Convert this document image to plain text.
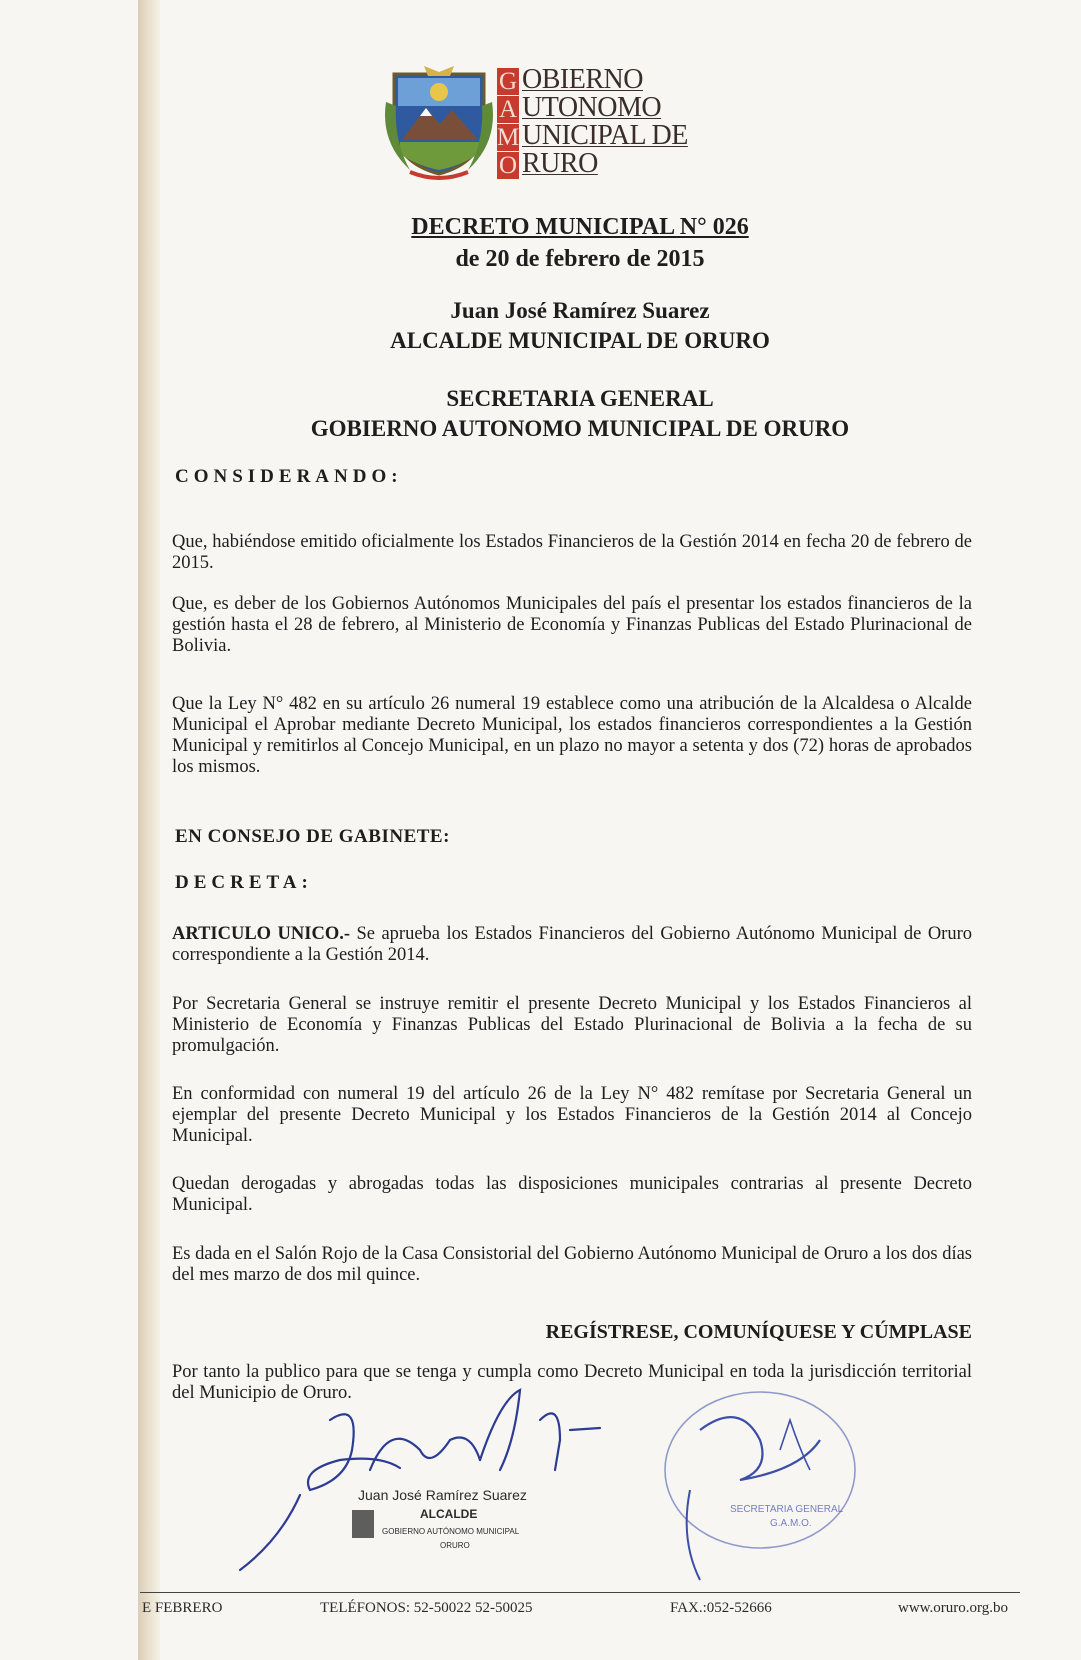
G
A
M
O
OBIERNO
UTONOMO
UNICIPAL DE
RURO
DECRETO MUNICIPAL N° 026
de 20 de febrero de 2015
Juan José Ramírez Suarez
ALCALDE MUNICIPAL DE ORURO
SECRETARIA GENERAL
GOBIERNO AUTONOMO MUNICIPAL DE ORURO
CONSIDERANDO:

Que, habiéndose emitido oficialmente los Estados Financieros de la Gestión 2014 en fecha 20 de febrero de 2015.

Que, es deber de los Gobiernos Autónomos Municipales del país el presentar los estados financieros de la gestión hasta el 28 de febrero, al Ministerio de Economía y Finanzas Publicas del Estado Plurinacional de Bolivia.

Que la Ley N° 482 en su artículo 26 numeral 19 establece como una atribución de la Alcaldesa o Alcalde Municipal el Aprobar mediante Decreto Municipal, los estados financieros correspondientes a la Gestión Municipal y remitirlos al Concejo Municipal, en un plazo no mayor a setenta y dos (72) horas de aprobados los mismos.

EN CONSEJO DE GABINETE:
DECRETA:

ARTICULO UNICO.- Se aprueba los Estados Financieros del Gobierno Autónomo Municipal de Oruro correspondiente a la Gestión 2014.

Por Secretaria General se instruye remitir el presente Decreto Municipal y los Estados Financieros al Ministerio de Economía y Finanzas Publicas del Estado Plurinacional de Bolivia a la fecha de su promulgación.

En conformidad con numeral 19 del artículo 26 de la Ley N° 482 remítase por Secretaria General un ejemplar del presente Decreto Municipal y los Estados Financieros de la Gestión 2014 al Concejo Municipal.

Quedan derogadas y abrogadas todas las disposiciones municipales contrarias al presente Decreto Municipal.

Es dada en el Salón Rojo de la Casa Consistorial del Gobierno Autónomo Municipal de Oruro a los dos días del mes marzo de dos mil quince.

REGÍSTRESE, COMUNÍQUESE Y CÚMPLASE

Por tanto la publico para que se tenga y cumpla como Decreto Municipal en toda la jurisdicción territorial del Municipio de Oruro.

Juan José Ramírez Suarez
ALCALDE
GOBIERNO AUTÓNOMO MUNICIPAL
ORURO
SECRETARIA GENERAL
G.A.M.O.
E FEBRERO	TELÉFONOS: 52-50022 52-50025	FAX.:052-52666	www.oruro.org.bo
